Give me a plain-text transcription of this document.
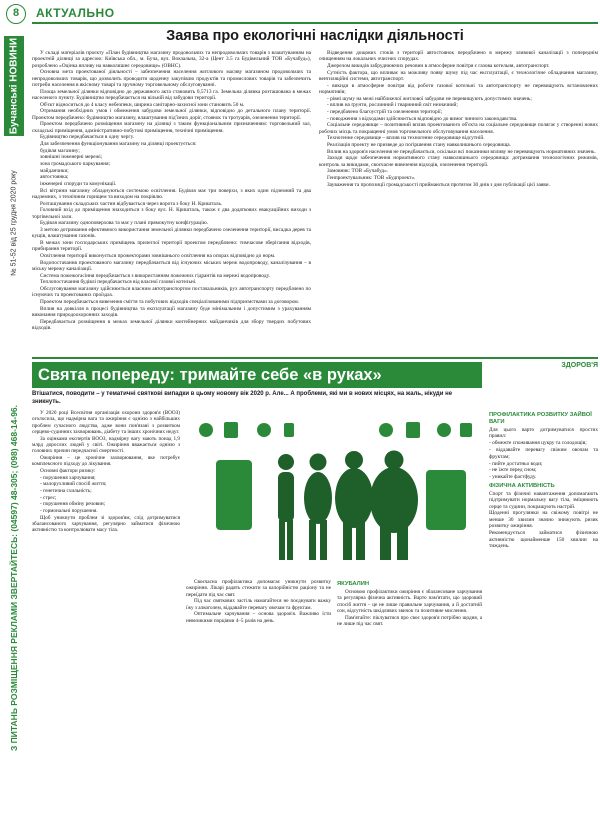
8	АКТУАЛЬНО
Бучанські НОВИНИ
№ 51-52 від 25 грудня 2020 року
З ПИТАНЬ РОЗМІЩЕННЯ РЕКЛАМИ ЗВЕРТАЙТЕСЬ: (04597) 48-305; (098) 468-14-96.
Заява про екологічні наслідки діяльності

У складі матеріалів проєкту «План будівництва магазину продовольчих та непродовольчих товарів з влаштуванням на проектній ділянці за адресою: Київська обл., м. Буча, вул. Вокзальна, 32-а (Цент 3.5 га Будівельний ТОВ «Бучабуд»), розроблено «Оцінка впливу на навколишнє середовище» (ОВНС).

Основна мета проектованої діяльності – забезпечення населення житлового масиву магазином продовольчих та непродовольчих товарів, що дозволить проводити щоденну закупівлю продуктів та промислових товарів та забезпечить потреби населення в якісному товарі та зручному торговельному обслуговуванні.

Площа земельної ділянки відповідно до державного акта становить 0,5713 га. Земельна ділянка розташована в межах населеного пункту. Будівництво передбачається на вільній від забудови території.

Об'єкт відноситься до 4 класу небезпеки, ширина санітарно-захисної зони становить 50 м.

Отримання необхідних умов і обмеження забудови земельної ділянки, відповідно до детального плану території. Проектом передбачено: будівництво магазину, влаштування під'їзних доріг, стоянок та тротуарів, озеленення території.

Проектом передбачено розміщення магазину на ділянці з таким функціональним призначенням: торговельний зал, складські приміщення, адміністративно-побутові приміщення, технічні приміщення.

Будівництво передбачається в одну чергу.

Для забезпечення функціонування магазину на ділянці проектується:

будівля магазину;

зовнішні інженерні мережі;

зона громадського паркування;

майданчики;

автостоянка;

інженерні споруди та комунікації.

Всі вітрини магазину обладнуються системою освітлення. Будівля має три поверхи, з яких один підземний та два надземних, з технічним горищем та виходом на покрівлю.

Розташування складських частин відбувається через ворота з боку Н. Кришталь.

Головний вхід до приміщення знаходиться з боку вул. Н. Кришталь, також є два додаткових евакуаційних виходи з торгівельної зали.

Будівля магазину одноповерхова та має у плані прямокутну конфігурацію.

З метою дотримання ефективного використання земельної ділянки передбачено озеленення території, висадка дерев та кущів, влаштування газонів.

В межах зони господарських приміщень прилеглої території проектом передбачено: тимчасове зберігання відходів, прибирання території.

Освітлення території виконується прожекторами зовнішнього освітлення на опорах відповідно до норм.

Водопостачання проектованого магазину передбачається від існуючих міських мереж водопроводу, каналізування – в міську мережу каналізації.

Система пожежогасіння передбачається з використанням пожежних гідрантів на мережі водопроводу.

Теплопостачання будівлі передбачається від власної газової котельні.

Обслуговування магазину здійснюється власним автотранспортом постачальників, рух автотранспорту передбачено по існуючих та проектованих проїздах.

Проектом передбачається вивезення сміття та побутових відходів спеціалізованими підприємствами за договором.

Вплив на довкілля в процесі будівництва та експлуатації магазину буде мінімальним і допустимим з урахуванням виконання природоохоронних заходів.

Передбачається розміщення в межах земельної ділянки контейнерних майданчиків для збору твердих побутових відходів.

Відведення дощових стоків з території автостоянок передбачено в мережу зливової каналізації з попереднім очищенням на локальних очисних спорудах.

Джерелом викидів забруднюючих речовин в атмосферне повітря є газова котельня, автотранспорт.

Сутність фактора, що впливає на можливу появу шуму під час експлуатації, є технологічне обладнання магазину, вентиляційні системи, автотранспорт.

- викиди в атмосферне повітря від роботи газової котельні та автотранспорту не перевищують встановлених нормативів;

- рівні шуму на межі найближчої житлової забудови не перевищують допустимих значень;

- вплив на ґрунти, рослинний і тваринний світ незначний;

- передбачено благоустрій та озеленення території;

- поводження з відходами здійснюється відповідно до вимог чинного законодавства.

Соціальне середовище – позитивний вплив проектованого об'єкта на соціальне середовище полягає у створенні нових робочих місць та покращенні умов торговельного обслуговування населення.

Техногенне середовище – вплив на техногенне середовище відсутній.

Реалізація проекту не призведе до погіршення стану навколишнього середовища.

Вплив на здоров'я населення не передбачається, оскільки всі показники впливу не перевищують нормативних значень.

Заходи щодо забезпечення нормативного стану навколишнього середовища: дотримання технологічних режимів, контроль за викидами, своєчасне вивезення відходів, озеленення території.

Замовник: ТОВ «Бучабуд».

Генпроектувальник: ТОВ «Будпроект».

Зауваження та пропозиції громадськості приймаються протягом 30 днів з дня публікації цієї заяви.

ЗДОРОВ'Я
Свята попереду: тримайте себе «в руках»
Втішатися, поводити – у тематичні святкові випадки в цьому новому вік 2020 р. Але... А проблеми, які ми в нових місцях, на жаль, нікуди не зникнуть.

У 2020 році Всесвітня організація охорони здоров'я (ВООЗ) оголосила, що надмірна вага та ожиріння є однією з найбільших проблем сучасного людства, адже вони пов'язані з розвитком серцево-судинних захворювань, діабету та інших хронічних недуг.

За оцінками експертів ВООЗ, надмірну вагу мають понад 1,9 млрд дорослих людей у світі. Ожиріння вважається однією з головних причин передчасної смертності.

Ожиріння – це хронічне захворювання, яке потребує комплексного підходу до лікування.

Основні фактори ризику:

- порушення харчування;

- малорухливий спосіб життя;

- генетична схильність;

- стрес;

- порушення обміну речовин;

- гормональні порушення.

Щоб уникнути проблем зі здоров'ям, слід дотримуватися збалансованого харчування, регулярно займатися фізичною активністю та контролювати масу тіла.

Своєчасна профілактика допомагає уникнути розвитку ожиріння. Лікарі радять стежити за калорійністю раціону та не переїдати під час свят.

Під час святкових застіль намагайтеся не поєднувати важку їжу з алкоголем, віддавайте перевагу овочам та фруктам.

Оптимальне харчування – основа здоров'я. Важливо їсти невеликими порціями 4–5 разів на день.

ЯКУБАЛИН

Основою профілактики ожиріння є збалансоване харчування та регулярна фізична активність. Варто пам'ятати, що здоровий спосіб життя – це не лише правильне харчування, а й достатній сон, відсутність шкідливих звичок та позитивне мислення.

Пам'ятайте: піклуватися про своє здоров'я потрібно щодня, а не лише під час свят.

ПРОФІЛАКТИКА РОЗВИТКУ ЗАЙВОЇ ВАГИ

Для цього варто дотримуватися простих правил:

- обмежте споживання цукру та солодощів;

- віддавайте перевагу свіжим овочам та фруктам;

- пийте достатньо води;

- не їжте перед сном;

- уникайте фастфуду.

ФІЗИЧНА АКТИВНІСТЬ

Спорт та фізичні навантаження допомагають підтримувати нормальну вагу тіла, зміцнюють серце та судини, покращують настрій.

Щоденні прогулянки на свіжому повітрі не менше 30 хвилин значно знижують ризик розвитку ожиріння.

Рекомендується займатися фізичною активністю щонайменше 150 хвилин на тиждень.
